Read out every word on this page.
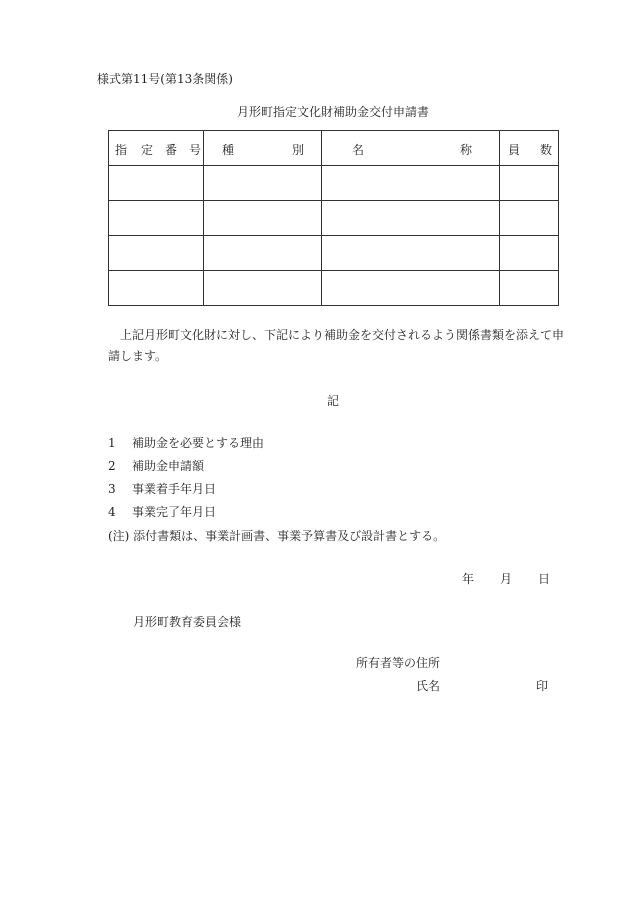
様式第11号(第13条関係)
月形町指定文化財補助金交付申請書
指 定 番 号	種 別	名 称	員 数

上記月形町文化財に対し、下記により補助金を交付されるよう関係書類を添えて申請します。
記
1 補助金を必要とする理由
2 補助金申請額
3 事業着手年月日
4 事業完了年月日
(注) 添付書類は、事業計画書、事業予算書及び設計書とする。
年 月 日
月形町教育委員会様
所有者等の住所
氏名	印
